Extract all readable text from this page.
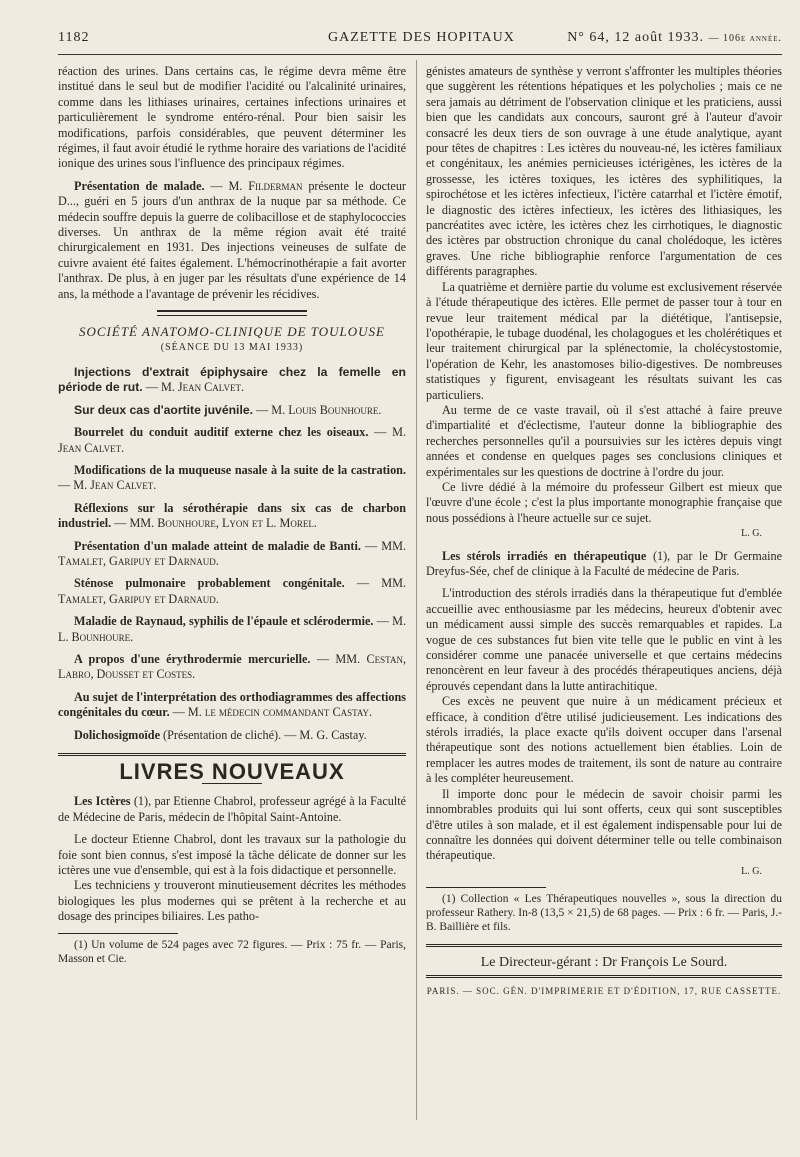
1182	GAZETTE DES HOPITAUX	N° 64, 12 août 1933. — 106e année.

réaction des urines. Dans certains cas, le régime devra même être institué dans le seul but de modifier l'acidité ou l'alcalinité urinaires, comme dans les lithiases urinaires, certaines infections urinaires et particulièrement le syndrome entéro-rénal. Pour bien saisir les modifications, parfois considérables, que peuvent déterminer les régimes, il faut avoir étudié le rythme horaire des variations de l'acidité ionique des urines sous l'influence des principaux régimes.

Présentation de malade. — M. Filderman présente le docteur D..., guéri en 5 jours d'un anthrax de la nuque par sa méthode. Ce médecin souffre depuis la guerre de colibacillose et de staphylococcies diverses. Un anthrax de la même région avait été traité chirurgicalement en 1931. Des injections veineuses de sulfate de cuivre avaient été faites également. L'hémocrinothérapie a fait avorter l'anthrax. De plus, à en juger par les résultats d'une expérience de 14 ans, la méthode a l'avantage de prévenir les récidives.

SOCIÉTÉ ANATOMO-CLINIQUE DE TOULOUSE
(SÉANCE DU 13 MAI 1933)
Injections d'extrait épiphysaire chez la femelle en période de rut. — M. Jean Calvet.
Sur deux cas d'aortite juvénile. — M. Louis Bounhoure.
Bourrelet du conduit auditif externe chez les oiseaux. — M. Jean Calvet.
Modifications de la muqueuse nasale à la suite de la castration. — M. Jean Calvet.
Réflexions sur la sérothérapie dans six cas de charbon industriel. — MM. Bounhoure, Lyon et L. Morel.
Présentation d'un malade atteint de maladie de Banti. — MM. Tamalet, Garipuy et Darnaud.
Sténose pulmonaire probablement congénitale. — MM. Tamalet, Garipuy et Darnaud.
Maladie de Raynaud, syphilis de l'épaule et sclérodermie. — M. L. Bounhoure.
A propos d'une érythrodermie mercurielle. — MM. Cestan, Labro, Dousset et Costes.
Au sujet de l'interprétation des orthodiagrammes des affections congénitales du cœur. — M. le médecin commandant Castay.
Dolichosigmoïde (Présentation de cliché). — M. G. Castay.
LIVRES NOUVEAUX

Les Ictères (1), par Etienne Chabrol, professeur agrégé à la Faculté de Médecine de Paris, médecin de l'hôpital Saint-Antoine.

Le docteur Etienne Chabrol, dont les travaux sur la pathologie du foie sont bien connus, s'est imposé la tâche délicate de donner sur les ictères une vue d'ensemble, qui est à la fois didactique et personnelle.

Les techniciens y trouveront minutieusement décrites les méthodes biologiques les plus modernes qui se prêtent à la recherche et au dosage des principes biliaires. Les patho-

(1) Un volume de 524 pages avec 72 figures. — Prix : 75 fr. — Paris, Masson et Cie.

génistes amateurs de synthèse y verront s'affronter les multiples théories que suggèrent les rétentions hépatiques et les polycholies ; mais ce ne sera jamais au détriment de l'observation clinique et les praticiens, aussi bien que les candidats aux concours, sauront gré à l'auteur d'avoir consacré les deux tiers de son ouvrage à une étude analytique, ayant pour têtes de chapitres : Les ictères du nouveau-né, les ictères familiaux et congénitaux, les anémies pernicieuses ictérigènes, les ictères de la grossesse, les ictères toxiques, les ictères des syphilitiques, la spirochétose et les ictères infectieux, l'ictère catarrhal et l'ictère émotif, le diagnostic des ictères infectieux, les ictères des lithiasiques, les pancréatites avec ictère, les ictères chez les cirrhotiques, le diagnostic des ictères par obstruction chronique du canal cholédoque, les ictères graves. Une riche bibliographie renforce l'argumentation de ces différents paragraphes.

La quatrième et dernière partie du volume est exclusivement réservée à l'étude thérapeutique des ictères. Elle permet de passer tour à tour en revue leur traitement médical par la diététique, l'antisepsie, l'opothérapie, le tubage duodénal, les cholagogues et les cholérétiques et leur traitement chirurgical par la splénectomie, la cholécystostomie, l'opération de Kehr, les anastomoses bilio-digestives. De nombreuses statistiques y figurent, envisageant les résultats suivant les cas particuliers.

Au terme de ce vaste travail, où il s'est attaché à faire preuve d'impartialité et d'éclectisme, l'auteur donne la bibliographie des recherches personnelles qu'il a poursuivies sur les ictères depuis vingt années et condense en quelques pages ses conclusions cliniques et expérimentales sur les questions de doctrine à l'ordre du jour.

Ce livre dédié à la mémoire du professeur Gilbert est mieux que l'œuvre d'une école ; c'est la plus importante monographie française que nous possédions à l'heure actuelle sur ce sujet.

L. G.

Les stérols irradiés en thérapeutique (1), par le Dr Germaine Dreyfus-Sée, chef de clinique à la Faculté de médecine de Paris.

L'introduction des stérols irradiés dans la thérapeutique fut d'emblée accueillie avec enthousiasme par les médecins, heureux d'obtenir avec un médicament aussi simple des succès remarquables et rapides. La vogue de ces substances fut bien vite telle que le public en vint à les considérer comme une panacée universelle et que certains médecins renoncèrent en leur faveur à des procédés thérapeutiques anciens, déjà éprouvés cependant dans la lutte antirachitique.

Ces excès ne peuvent que nuire à un médicament précieux et efficace, à condition d'être utilisé judicieusement. Les indications des stérols irradiés, la place exacte qu'ils doivent occuper dans l'arsenal thérapeutique sont des notions actuellement bien établies. Loin de remplacer les autres modes de traitement, ils sont de nature au contraire à les compléter heureusement.

Il importe donc pour le médecin de savoir choisir parmi les innombrables produits qui lui sont offerts, ceux qui sont susceptibles d'être utiles à son malade, et il est également indispensable pour lui de connaître les données qui doivent déterminer telle ou telle combinaison thérapeutique.

L. G.

(1) Collection « Les Thérapeutiques nouvelles », sous la direction du professeur Rathery. In-8 (13,5 × 21,5) de 68 pages. — Prix : 6 fr. — Paris, J.-B. Baillière et fils.

Le Directeur-gérant : Dr François Le Sourd.
PARIS. — SOC. GÉN. D'IMPRIMERIE ET D'ÉDITION, 17, RUE CASSETTE.
